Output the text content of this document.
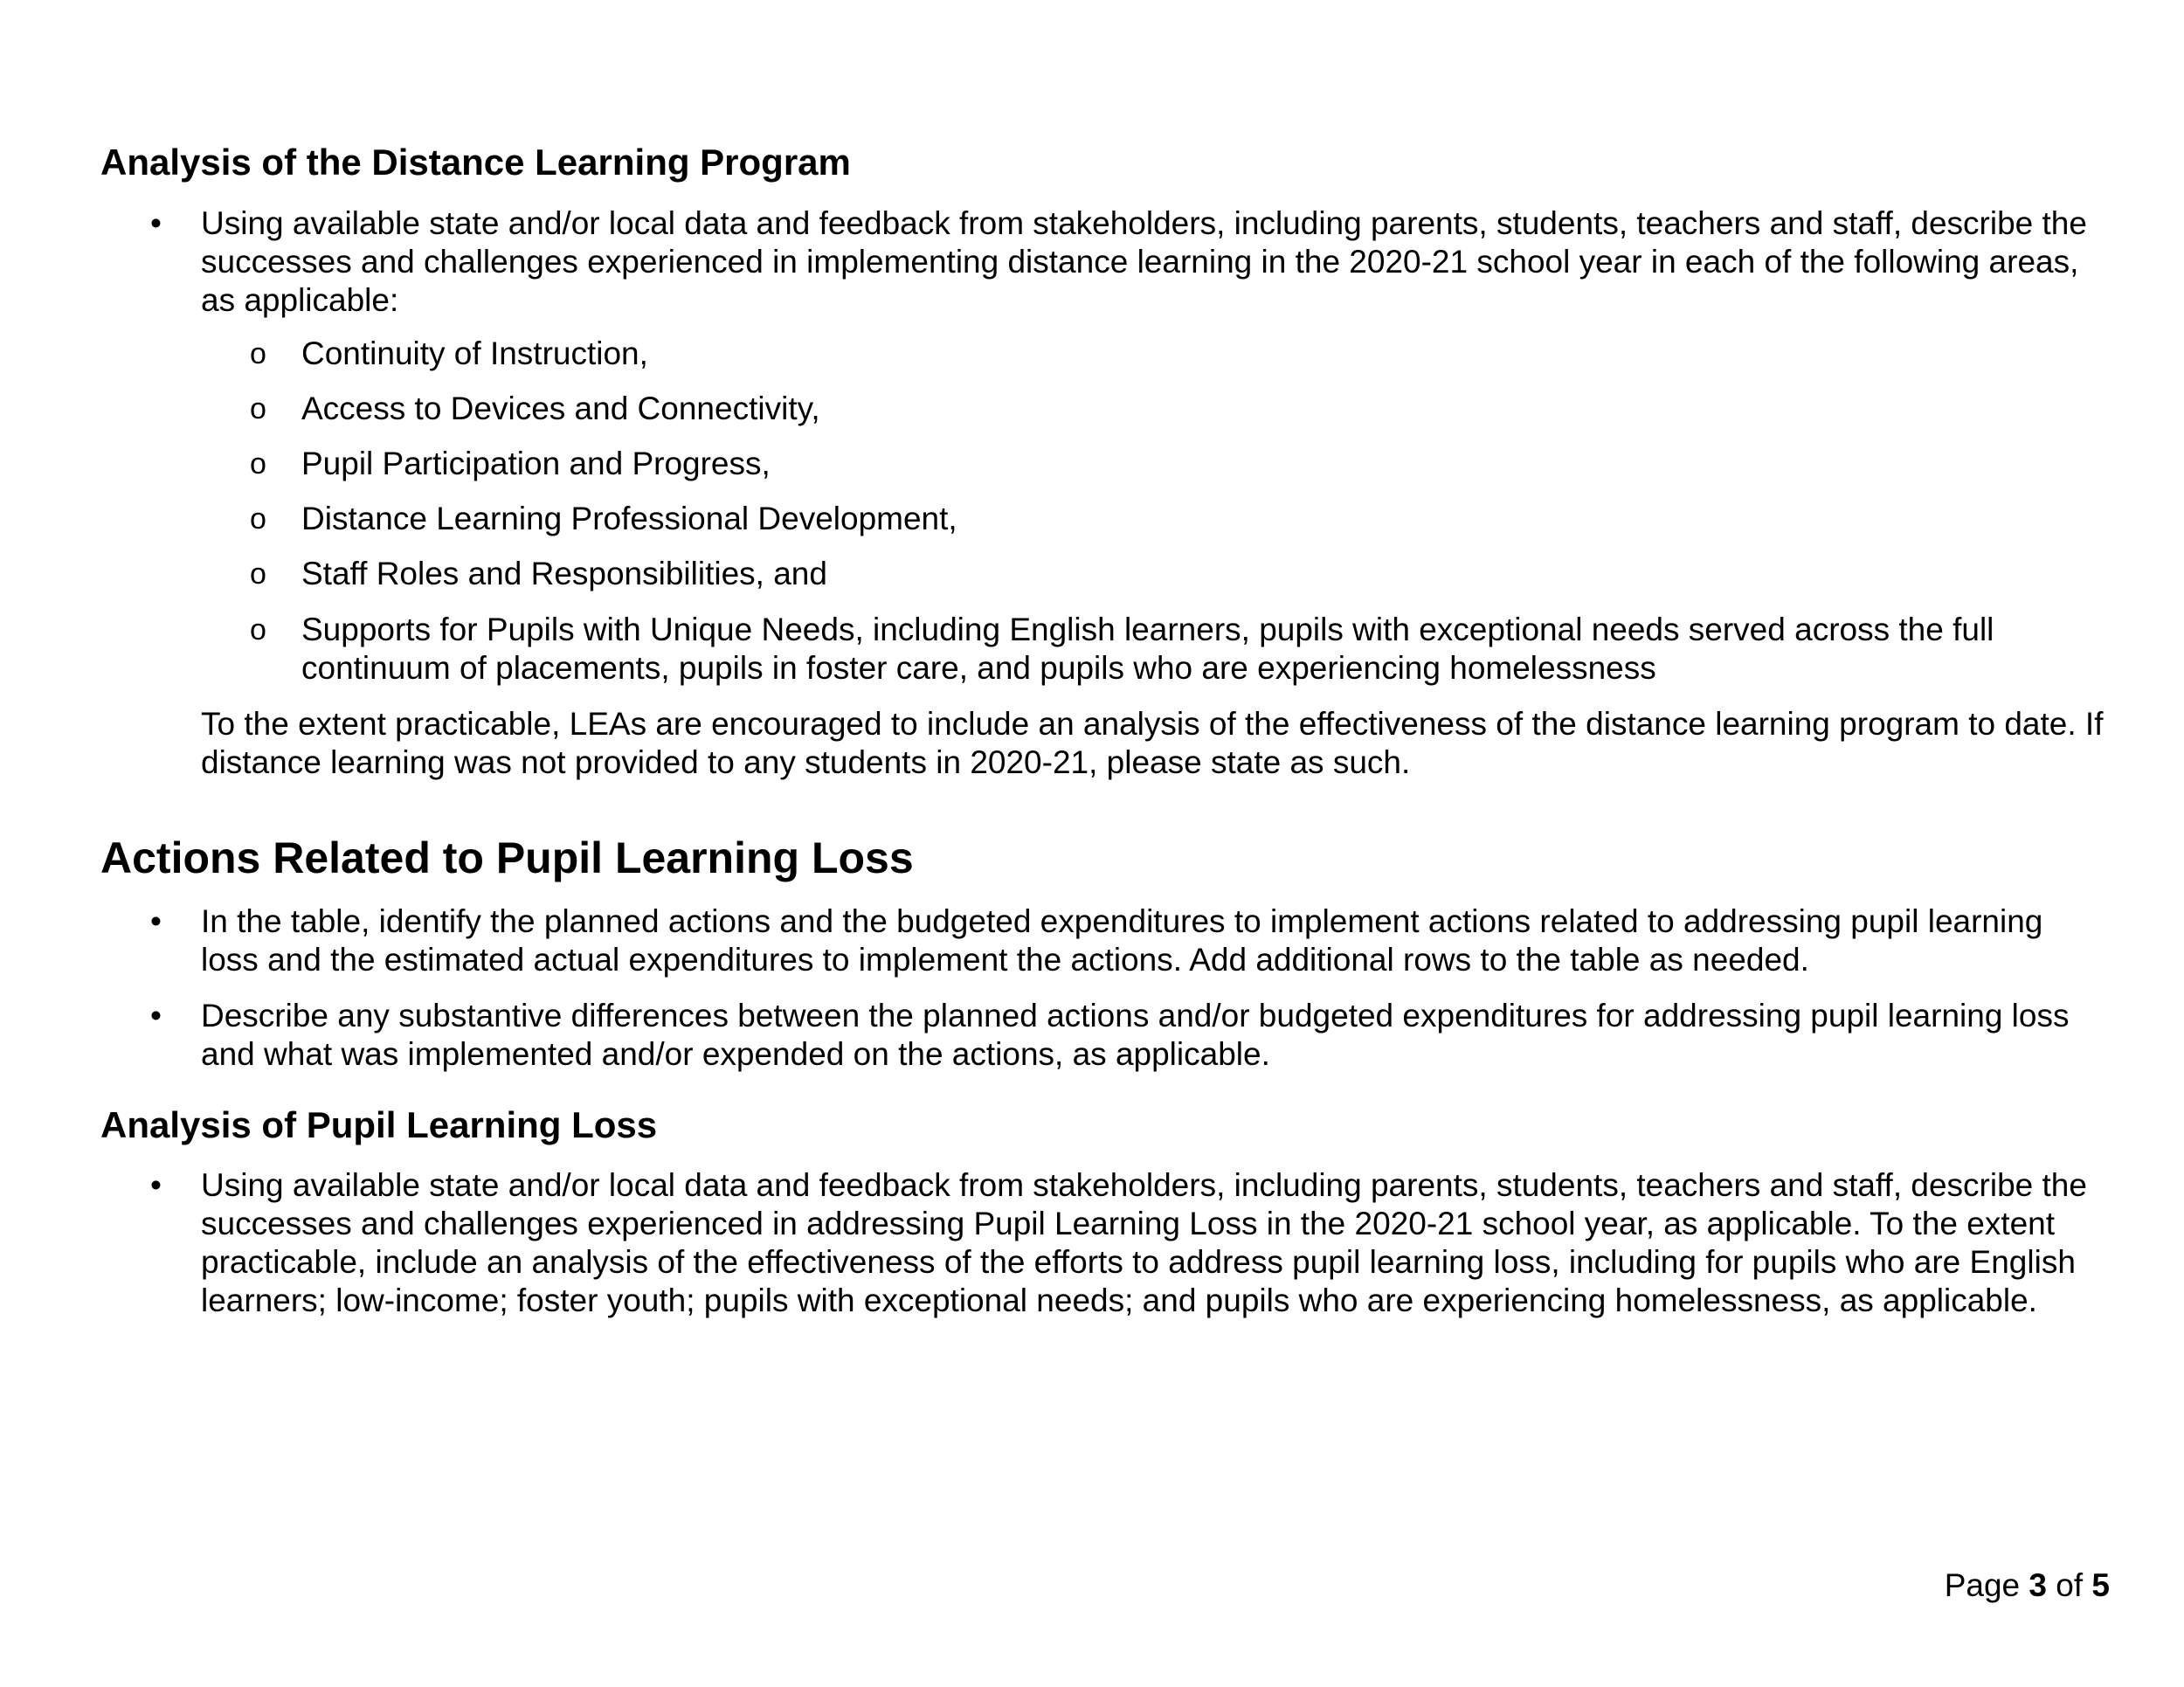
Analysis of the Distance Learning Program
• Using available state and/or local data and feedback from stakeholders, including parents, students, teachers and staff, describe the successes and challenges experienced in implementing distance learning in the 2020-21 school year in each of the following areas, as applicable:
o Continuity of Instruction,
o Access to Devices and Connectivity,
o Pupil Participation and Progress,
o Distance Learning Professional Development,
o Staff Roles and Responsibilities, and
o Supports for Pupils with Unique Needs, including English learners, pupils with exceptional needs served across the full continuum of placements, pupils in foster care, and pupils who are experiencing homelessness
To the extent practicable, LEAs are encouraged to include an analysis of the effectiveness of the distance learning program to date. If distance learning was not provided to any students in 2020-21, please state as such.
Actions Related to Pupil Learning Loss
• In the table, identify the planned actions and the budgeted expenditures to implement actions related to addressing pupil learning loss and the estimated actual expenditures to implement the actions. Add additional rows to the table as needed.
• Describe any substantive differences between the planned actions and/or budgeted expenditures for addressing pupil learning loss and what was implemented and/or expended on the actions, as applicable.
Analysis of Pupil Learning Loss
• Using available state and/or local data and feedback from stakeholders, including parents, students, teachers and staff, describe the successes and challenges experienced in addressing Pupil Learning Loss in the 2020-21 school year, as applicable. To the extent practicable, include an analysis of the effectiveness of the efforts to address pupil learning loss, including for pupils who are English learners; low-income; foster youth; pupils with exceptional needs; and pupils who are experiencing homelessness, as applicable.
Page 3 of 5
